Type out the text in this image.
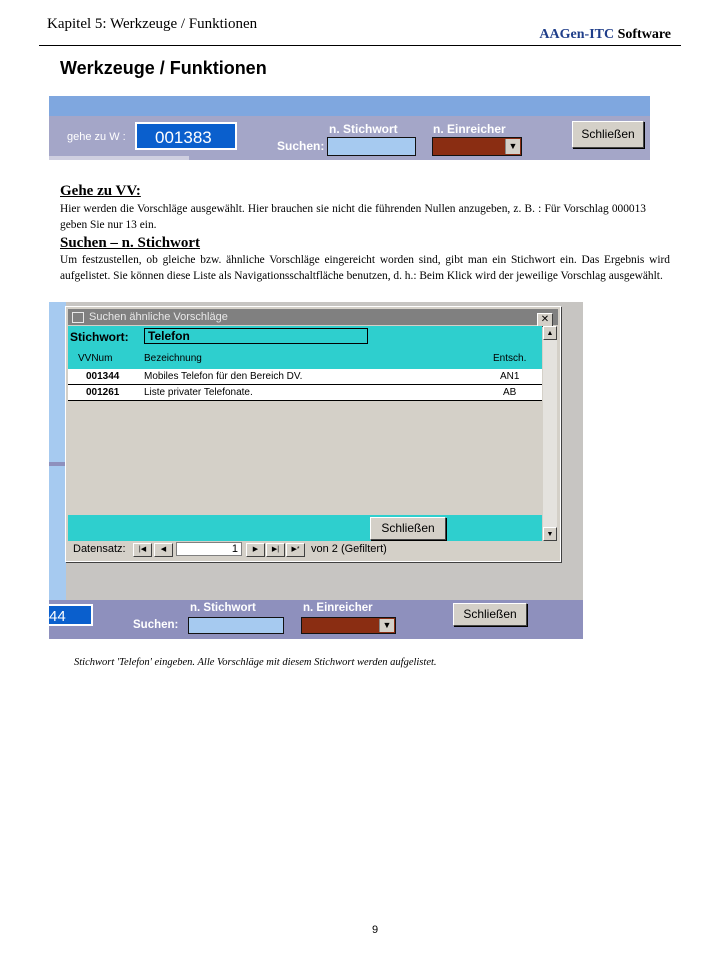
Kapitel 5: Werkzeuge / Funktionen
AAGen-ITC Software
Werkzeuge / Funktionen
gehe zu W :	001383	n. Stichwort	n. Einreicher
Suchen:	▼
Schließen
Gehe zu VV:
Hier werden die Vorschläge ausgewählt. Hier brauchen sie nicht die führenden Nullen anzugeben, z. B. : Für Vorschlag 000013 geben Sie nur 13 ein.
Suchen – n. Stichwort
Um festzustellen, ob gleiche bzw. ähnliche Vorschläge eingereicht worden sind, gibt man ein Stichwort ein. Das Ergebnis wird aufgelistet. Sie können diese Liste als Navigationsschaltfläche benutzen, d. h.: Beim Klick wird der jeweilige Vorschlag ausgewählt.
44	n. Stichwort	n. Einreicher
Suchen:	▼
Schließen
Suchen ähnliche Vorschläge	✕
Stichwort:	Telefon
VVNum	Bezeichnung	Entsch.
001344 Mobiles Telefon für den Bereich DV.	AN1
001261 Liste privater Telefonate.	AB
Schließen
▲
▼
Datensatz:	|◀	◀	1	▶	▶|	▶*	von 2 (Gefiltert)
Stichwort 'Telefon' eingeben. Alle Vorschläge mit diesem Stichwort werden aufgelistet.
9
